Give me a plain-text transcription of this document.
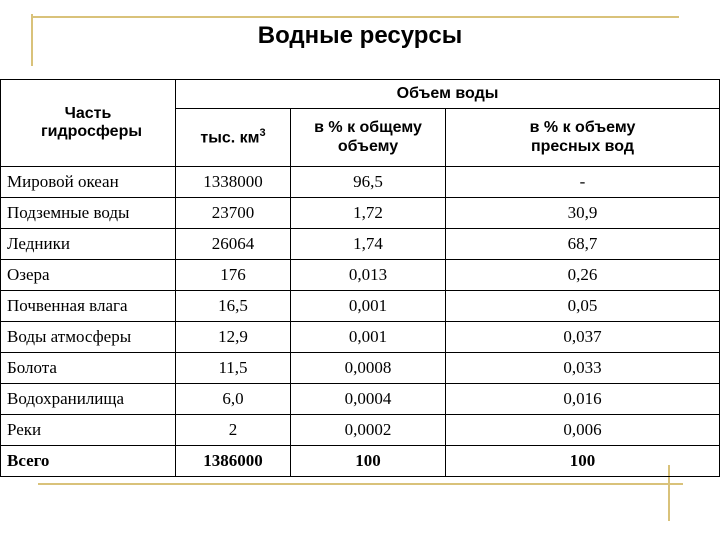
Водные ресурсы
Часть гидросферы	Объем воды		
	тыс. $км^3$	в % к общему объему	в % к объему пресных вод
Мировой океан	1338000	96,5	-
Подземные воды	23700	1,72	30,9
Ледники	26064	1,74	68,7
Озера	176	0,013	0,26
Почвенная влага	16,5	0,001	0,05
Воды атмосферы	12,9	0,001	0,037
Болота	11,5	0,0008	0,033
Водохранилища	6,0	0,0004	0,016
Реки	2	0,0002	0,006
Всего	1386000	100	100
